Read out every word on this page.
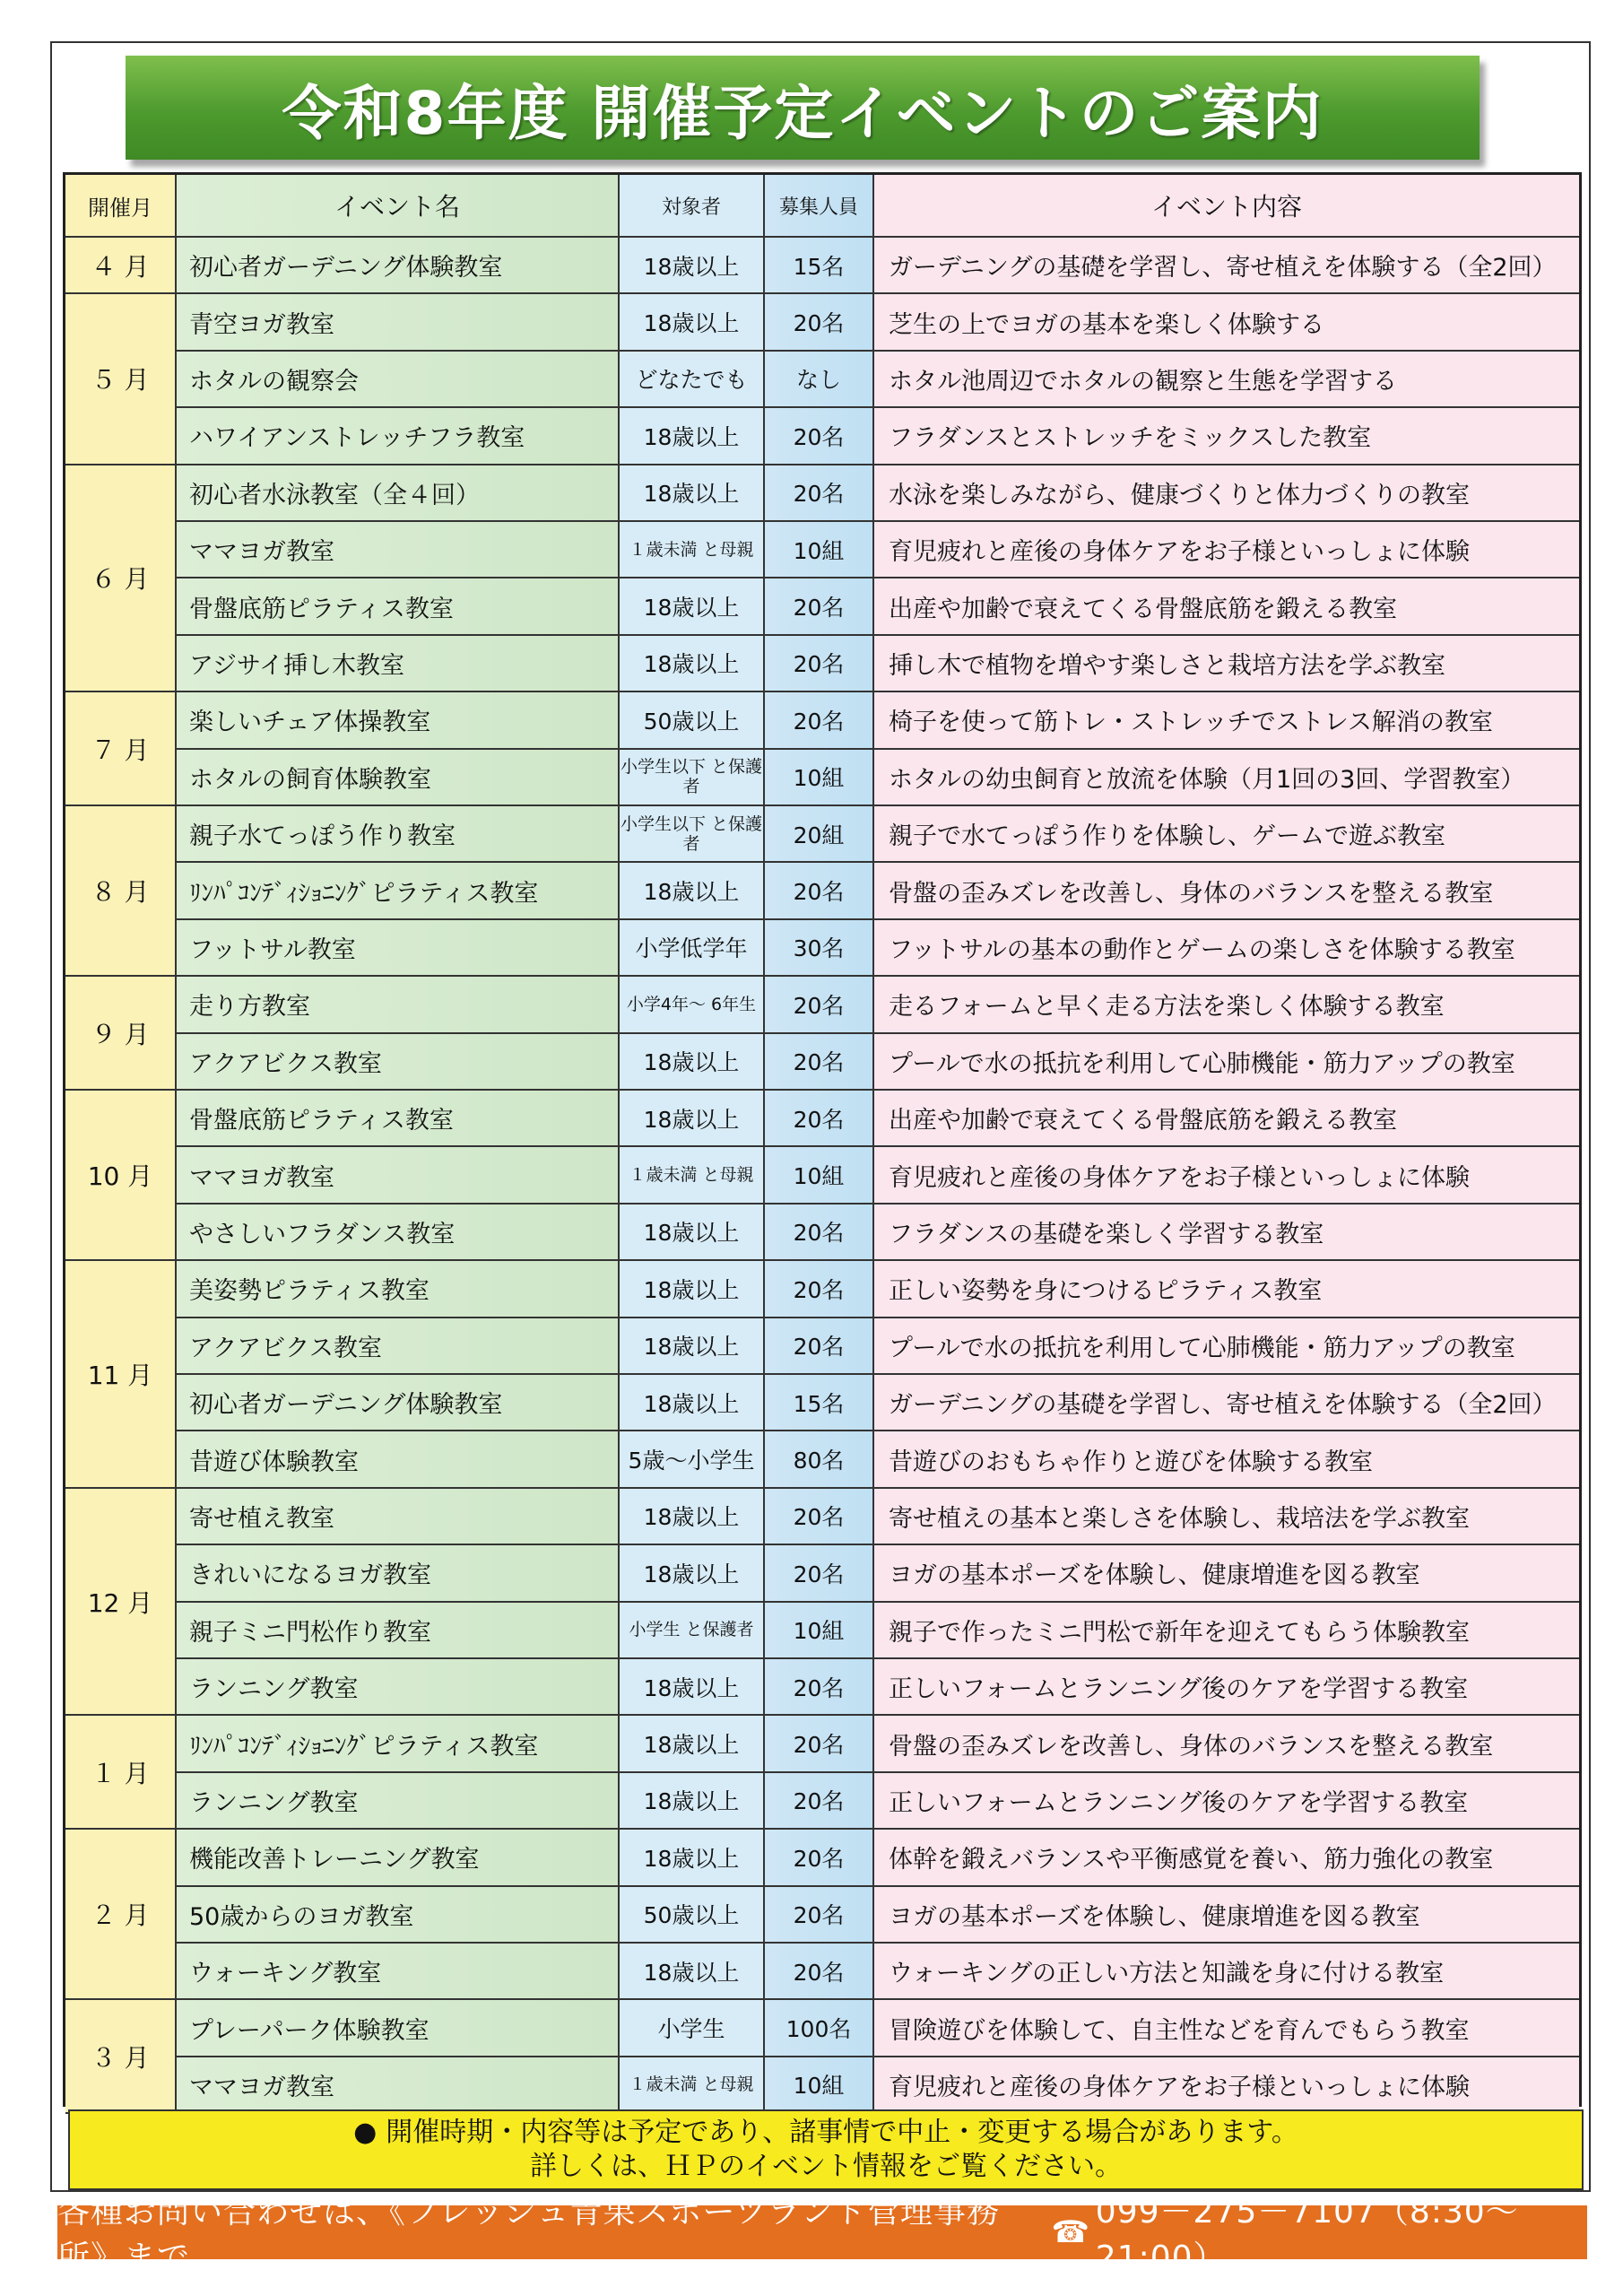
令和8年度 開催予定イベントのご案内
開催月	イベント名	対象者	募集人員	イベント内容
４ 月	初心者ガーデニング体験教室	18歳以上	15名	ガーデニングの基礎を学習し、寄せ植えを体験する（全2回）
５ 月
青空ヨガ教室	18歳以上	20名	芝生の上でヨガの基本を楽しく体験する
ホタルの観察会	どなたでも	なし	ホタル池周辺でホタルの観察と生態を学習する
ハワイアンストレッチフラ教室	18歳以上	20名	フラダンスとストレッチをミックスした教室
６ 月
初心者水泳教室（全４回）	18歳以上	20名	水泳を楽しみながら、健康づくりと体力づくりの教室
ママヨガ教室	１歳未満 と母親	10組	育児疲れと産後の身体ケアをお子様といっしょに体験
骨盤底筋ピラティス教室	18歳以上	20名	出産や加齢で衰えてくる骨盤底筋を鍛える教室
アジサイ挿し木教室	18歳以上	20名	挿し木で植物を増やす楽しさと栽培方法を学ぶ教室
７ 月
楽しいチェア体操教室	50歳以上	20名	椅子を使って筋トレ・ストレッチでストレス解消の教室
ホタルの飼育体験教室	小学生以下 と保護者	10組	ホタルの幼虫飼育と放流を体験（月1回の3回、学習教室）
８ 月
親子水てっぽう作り教室	小学生以下 と保護者	20組	親子で水てっぽう作りを体験し、ゲームで遊ぶ教室
ﾘﾝﾊﾟｺﾝﾃﾞｨｼｮﾆﾝｸﾞピラティス教室	18歳以上	20名	骨盤の歪みズレを改善し、身体のバランスを整える教室
フットサル教室	小学低学年	30名	フットサルの基本の動作とゲームの楽しさを体験する教室
９ 月
走り方教室	小学4年～ 6年生	20名	走るフォームと早く走る方法を楽しく体験する教室
アクアビクス教室	18歳以上	20名	プールで水の抵抗を利用して心肺機能・筋力アップの教室
10 月
骨盤底筋ピラティス教室	18歳以上	20名	出産や加齢で衰えてくる骨盤底筋を鍛える教室
ママヨガ教室	１歳未満 と母親	10組	育児疲れと産後の身体ケアをお子様といっしょに体験
やさしいフラダンス教室	18歳以上	20名	フラダンスの基礎を楽しく学習する教室
11 月
美姿勢ピラティス教室	18歳以上	20名	正しい姿勢を身につけるピラティス教室
アクアビクス教室	18歳以上	20名	プールで水の抵抗を利用して心肺機能・筋力アップの教室
初心者ガーデニング体験教室	18歳以上	15名	ガーデニングの基礎を学習し、寄せ植えを体験する（全2回）
昔遊び体験教室	5歳～小学生	80名	昔遊びのおもちゃ作りと遊びを体験する教室
12 月
寄せ植え教室	18歳以上	20名	寄せ植えの基本と楽しさを体験し、栽培法を学ぶ教室
きれいになるヨガ教室	18歳以上	20名	ヨガの基本ポーズを体験し、健康増進を図る教室
親子ミニ門松作り教室	小学生 と保護者	10組	親子で作ったミニ門松で新年を迎えてもらう体験教室
ランニング教室	18歳以上	20名	正しいフォームとランニング後のケアを学習する教室
１ 月
ﾘﾝﾊﾟｺﾝﾃﾞｨｼｮﾆﾝｸﾞピラティス教室	18歳以上	20名	骨盤の歪みズレを改善し、身体のバランスを整える教室
ランニング教室	18歳以上	20名	正しいフォームとランニング後のケアを学習する教室
２ 月
機能改善トレーニング教室	18歳以上	20名	体幹を鍛えバランスや平衡感覚を養い、筋力強化の教室
50歳からのヨガ教室	50歳以上	20名	ヨガの基本ポーズを体験し、健康増進を図る教室
ウォーキング教室	18歳以上	20名	ウォーキングの正しい方法と知識を身に付ける教室
３ 月
プレーパーク体験教室	小学生	100名	冒険遊びを体験して、自主性などを育んでもらう教室
ママヨガ教室	１歳未満 と母親	10組	育児疲れと産後の身体ケアをお子様といっしょに体験
● 開催時期・内容等は予定であり、諸事情で中止・変更する場合があります。
詳しくは、ＨＰのイベント情報をご覧ください。
各種お問い合わせは、《フレッシュ青果スポーツランド管理事務所》まで。
☎
099－275－7107（8:30～21:00）
